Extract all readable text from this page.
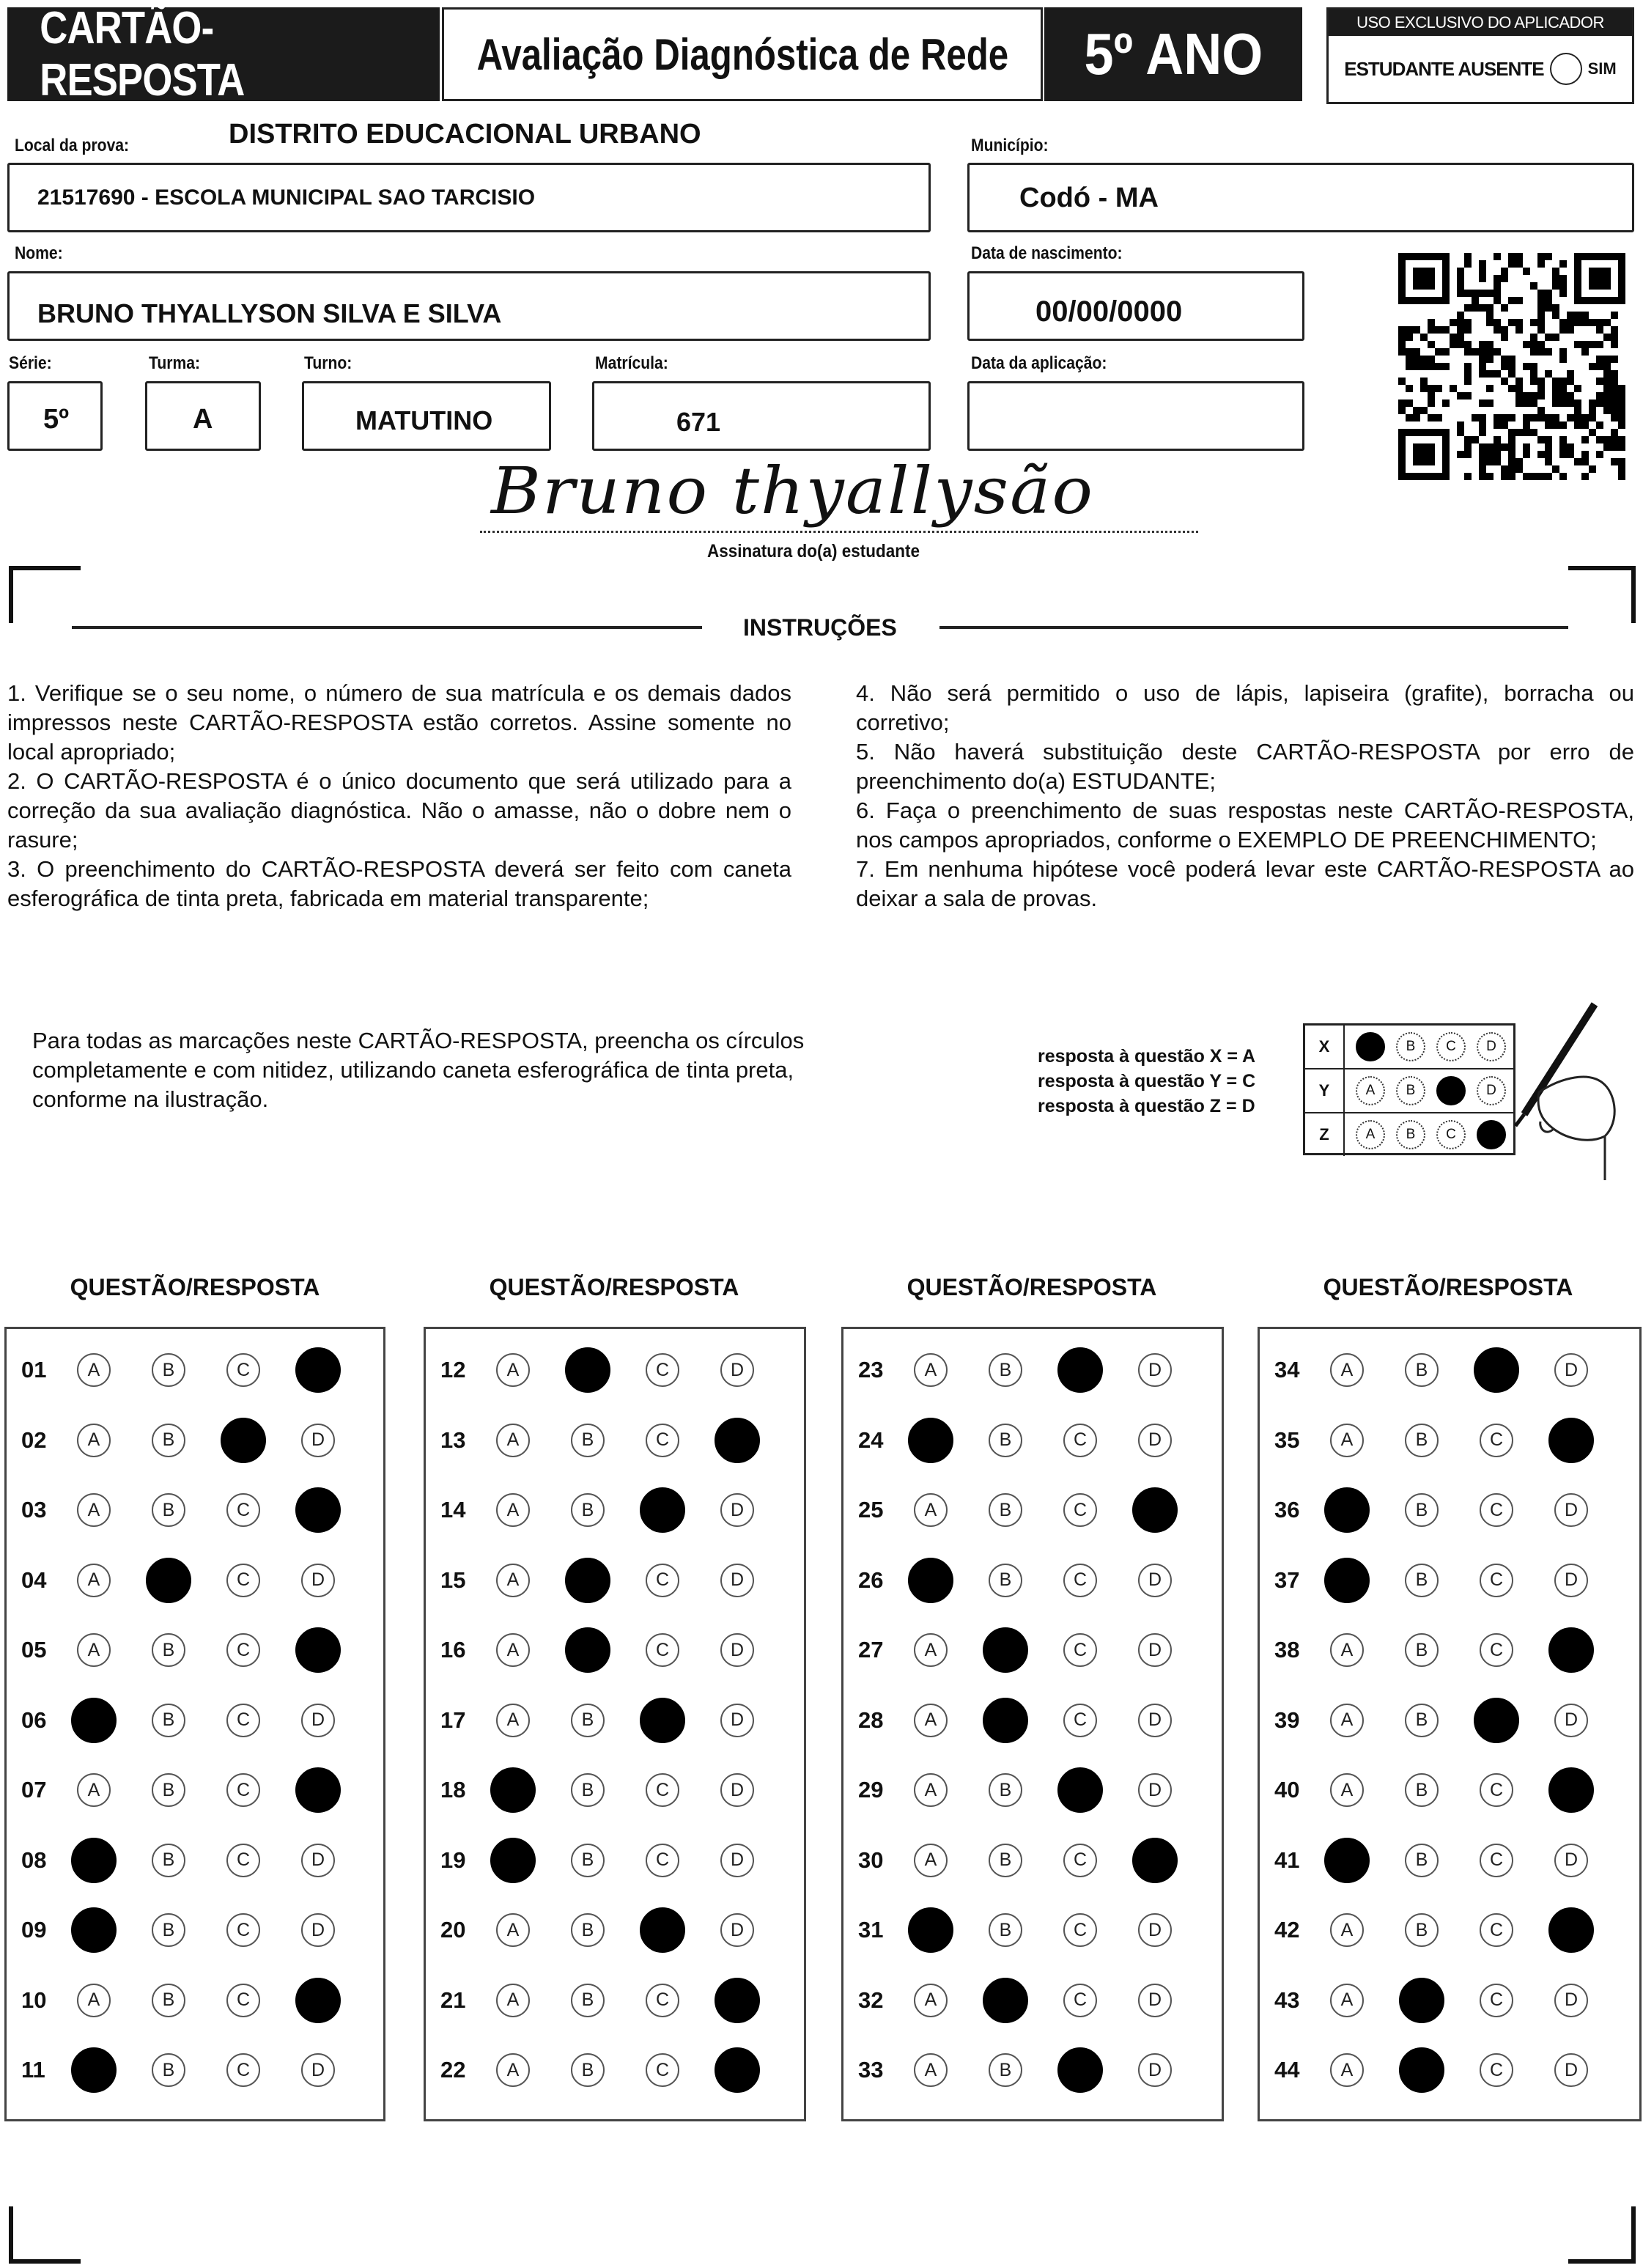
CARTÃO-RESPOSTA
Avaliação Diagnóstica de Rede 5º ANO	USO EXCLUSIVO DO APLICADOR
ESTUDANTE AUSENTE	SIM
Local da prova:	DISTRITO EDUCACIONAL URBANO
21517690 - ESCOLA MUNICIPAL SAO TARCISIO
Município:
Codó - MA
Nome:
BRUNO THYALLYSON SILVA E SILVA
Data de nascimento:
00/00/0000
Série:
5º
Turma:
A
Turno:
MATUTINO
Matrícula:
671
Data da aplicação:
Bruno thyallysão
Assinatura do(a) estudante
INSTRUÇÕES

1. Verifique se o seu nome, o número de sua matrícula e os demais dados impressos neste CARTÃO-RESPOSTA estão corretos. Assine somente no local apropriado;

2. O CARTÃO-RESPOSTA é o único documento que será utilizado para a correção da sua avaliação diagnóstica. Não o amasse, não o dobre nem o rasure;

3. O preenchimento do CARTÃO-RESPOSTA deverá ser feito com caneta esferográfica de tinta preta, fabricada em material transparente;

4. Não será permitido o uso de lápis, lapiseira (grafite), borracha ou corretivo;

5. Não haverá substituição deste CARTÃO-RESPOSTA por erro de preenchimento do(a) ESTUDANTE;

6. Faça o preenchimento de suas respostas neste CARTÃO-RESPOSTA, nos campos apropriados, conforme o EXEMPLO DE PREENCHIMENTO;

7. Em nenhuma hipótese você poderá levar este CARTÃO-RESPOSTA ao deixar a sala de provas.

Para todas as marcações neste CARTÃO-RESPOSTA, preencha os círculos completamente e com nitidez, utilizando caneta esferográfica de tinta preta, conforme na ilustração.
resposta à questão X = A
resposta à questão Y = C
resposta à questão Z = D
X	A	B	C	D
Y	A	B	C	D
Z	A	B	C	D
QUESTÃO/RESPOSTA	QUESTÃO/RESPOSTA	QUESTÃO/RESPOSTA	QUESTÃO/RESPOSTA
01	A	B	C	D
02	A	B	C	D
03	A	B	C	D
04	A	B	C	D
05	A	B	C	D
06	A	B	C	D
07	A	B	C	D
08	A	B	C	D
09	A	B	C	D
10	A	B	C	D
11	A	B	C	D
12	A	B	C	D
13	A	B	C	D
14	A	B	C	D
15	A	B	C	D
16	A	B	C	D
17	A	B	C	D
18	A	B	C	D
19	A	B	C	D
20	A	B	C	D
21	A	B	C	D
22	A	B	C	D
23	A	B	C	D
24	A	B	C	D
25	A	B	C	D
26	A	B	C	D
27	A	B	C	D
28	A	B	C	D
29	A	B	C	D
30	A	B	C	D
31	A	B	C	D
32	A	B	C	D
33	A	B	C	D
34	A	B	C	D
35	A	B	C	D
36	A	B	C	D
37	A	B	C	D
38	A	B	C	D
39	A	B	C	D
40	A	B	C	D
41	A	B	C	D
42	A	B	C	D
43	A	B	C	D
44	A	B	C	D
